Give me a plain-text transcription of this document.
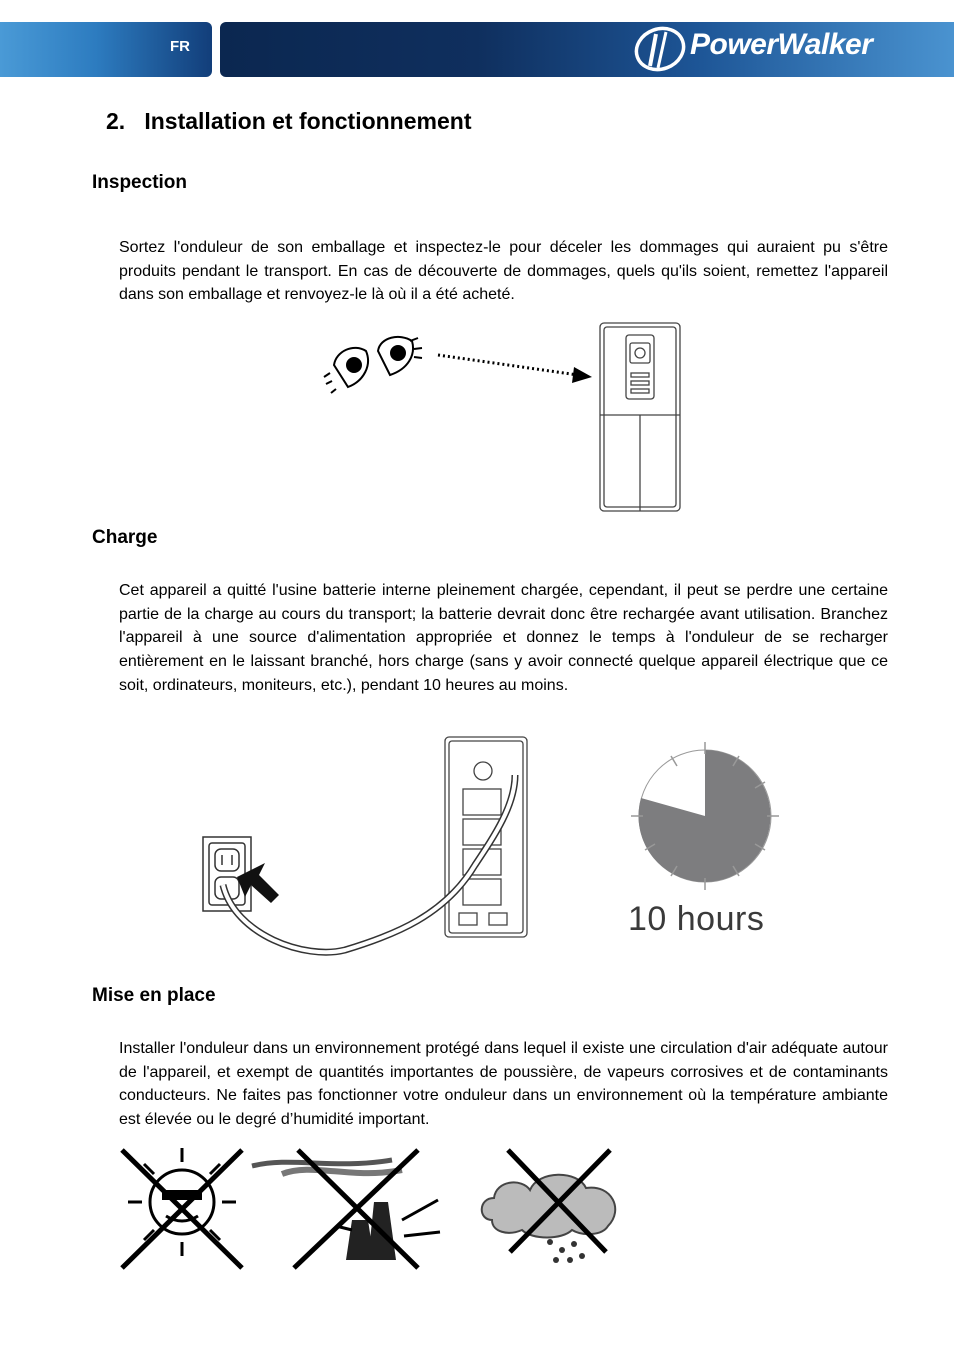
FR	PowerWalker
2.   Installation et fonctionnement
Inspection

Sortez l'onduleur de son emballage et inspectez-le pour déceler les dommages qui auraient pu s'être produits pendant le transport. En cas de découverte de dommages, quels qu'ils soient, remettez l'appareil dans son emballage et renvoyez-le là où il a été acheté.

Charge

Cet appareil a quitté l'usine batterie interne pleinement chargée, cependant, il peut se perdre une certaine partie de la charge au cours du transport; la batterie devrait donc être rechargée avant utilisation. Branchez l'appareil à une source d'alimentation appropriée et donnez le temps à l'onduleur de se recharger entièrement en le laissant branché, hors charge (sans y avoir connecté quelque appareil électrique que ce soit, ordinateurs, moniteurs, etc.), pendant 10 heures au moins.

10 hours
Mise en place

Installer l'onduleur dans un environnement protégé dans lequel il existe une circulation d'air adéquate autour de l'appareil, et exempt de quantités importantes de poussière, de vapeurs corrosives et de contaminants conducteurs. Ne faites pas fonctionner votre onduleur dans un environnement où la température ambiante est élevée ou le degré d’humidité important.
